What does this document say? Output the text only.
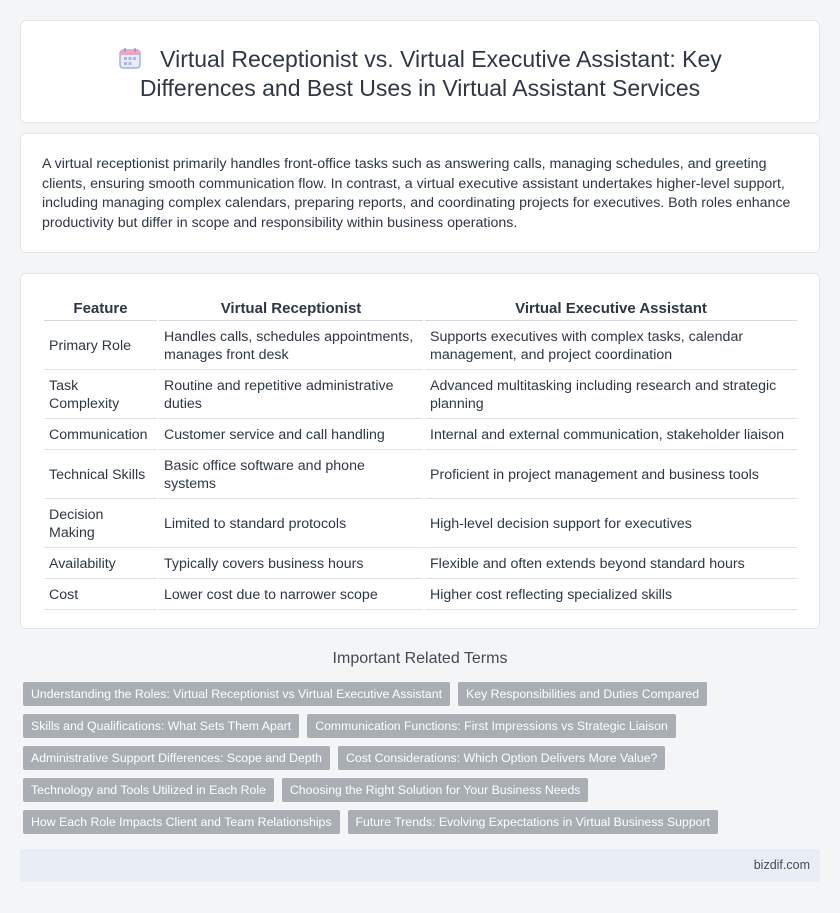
Virtual Receptionist vs. Virtual Executive Assistant: Key Differences and Best Uses in Virtual Assistant Services

A virtual receptionist primarily handles front-office tasks such as answering calls, managing schedules, and greeting clients, ensuring smooth communication flow. In contrast, a virtual executive assistant undertakes higher-level support, including managing complex calendars, preparing reports, and coordinating projects for executives. Both roles enhance productivity but differ in scope and responsibility within business operations.

Feature	Virtual Receptionist	Virtual Executive Assistant
Primary Role	Handles calls, schedules appointments, manages front desk	Supports executives with complex tasks, calendar management, and project coordination
Task Complexity	Routine and repetitive administrative duties	Advanced multitasking including research and strategic planning
Communication	Customer service and call handling	Internal and external communication, stakeholder liaison
Technical Skills	Basic office software and phone systems	Proficient in project management and business tools
Decision Making	Limited to standard protocols	High-level decision support for executives
Availability	Typically covers business hours	Flexible and often extends beyond standard hours
Cost	Lower cost due to narrower scope	Higher cost reflecting specialized skills
Important Related Terms
Understanding the Roles: Virtual Receptionist vs Virtual Executive Assistant	Key Responsibilities and Duties Compared
Skills and Qualifications: What Sets Them Apart	Communication Functions: First Impressions vs Strategic Liaison
Administrative Support Differences: Scope and Depth	Cost Considerations: Which Option Delivers More Value?
Technology and Tools Utilized in Each Role	Choosing the Right Solution for Your Business Needs
How Each Role Impacts Client and Team Relationships	Future Trends: Evolving Expectations in Virtual Business Support
bizdif.com
